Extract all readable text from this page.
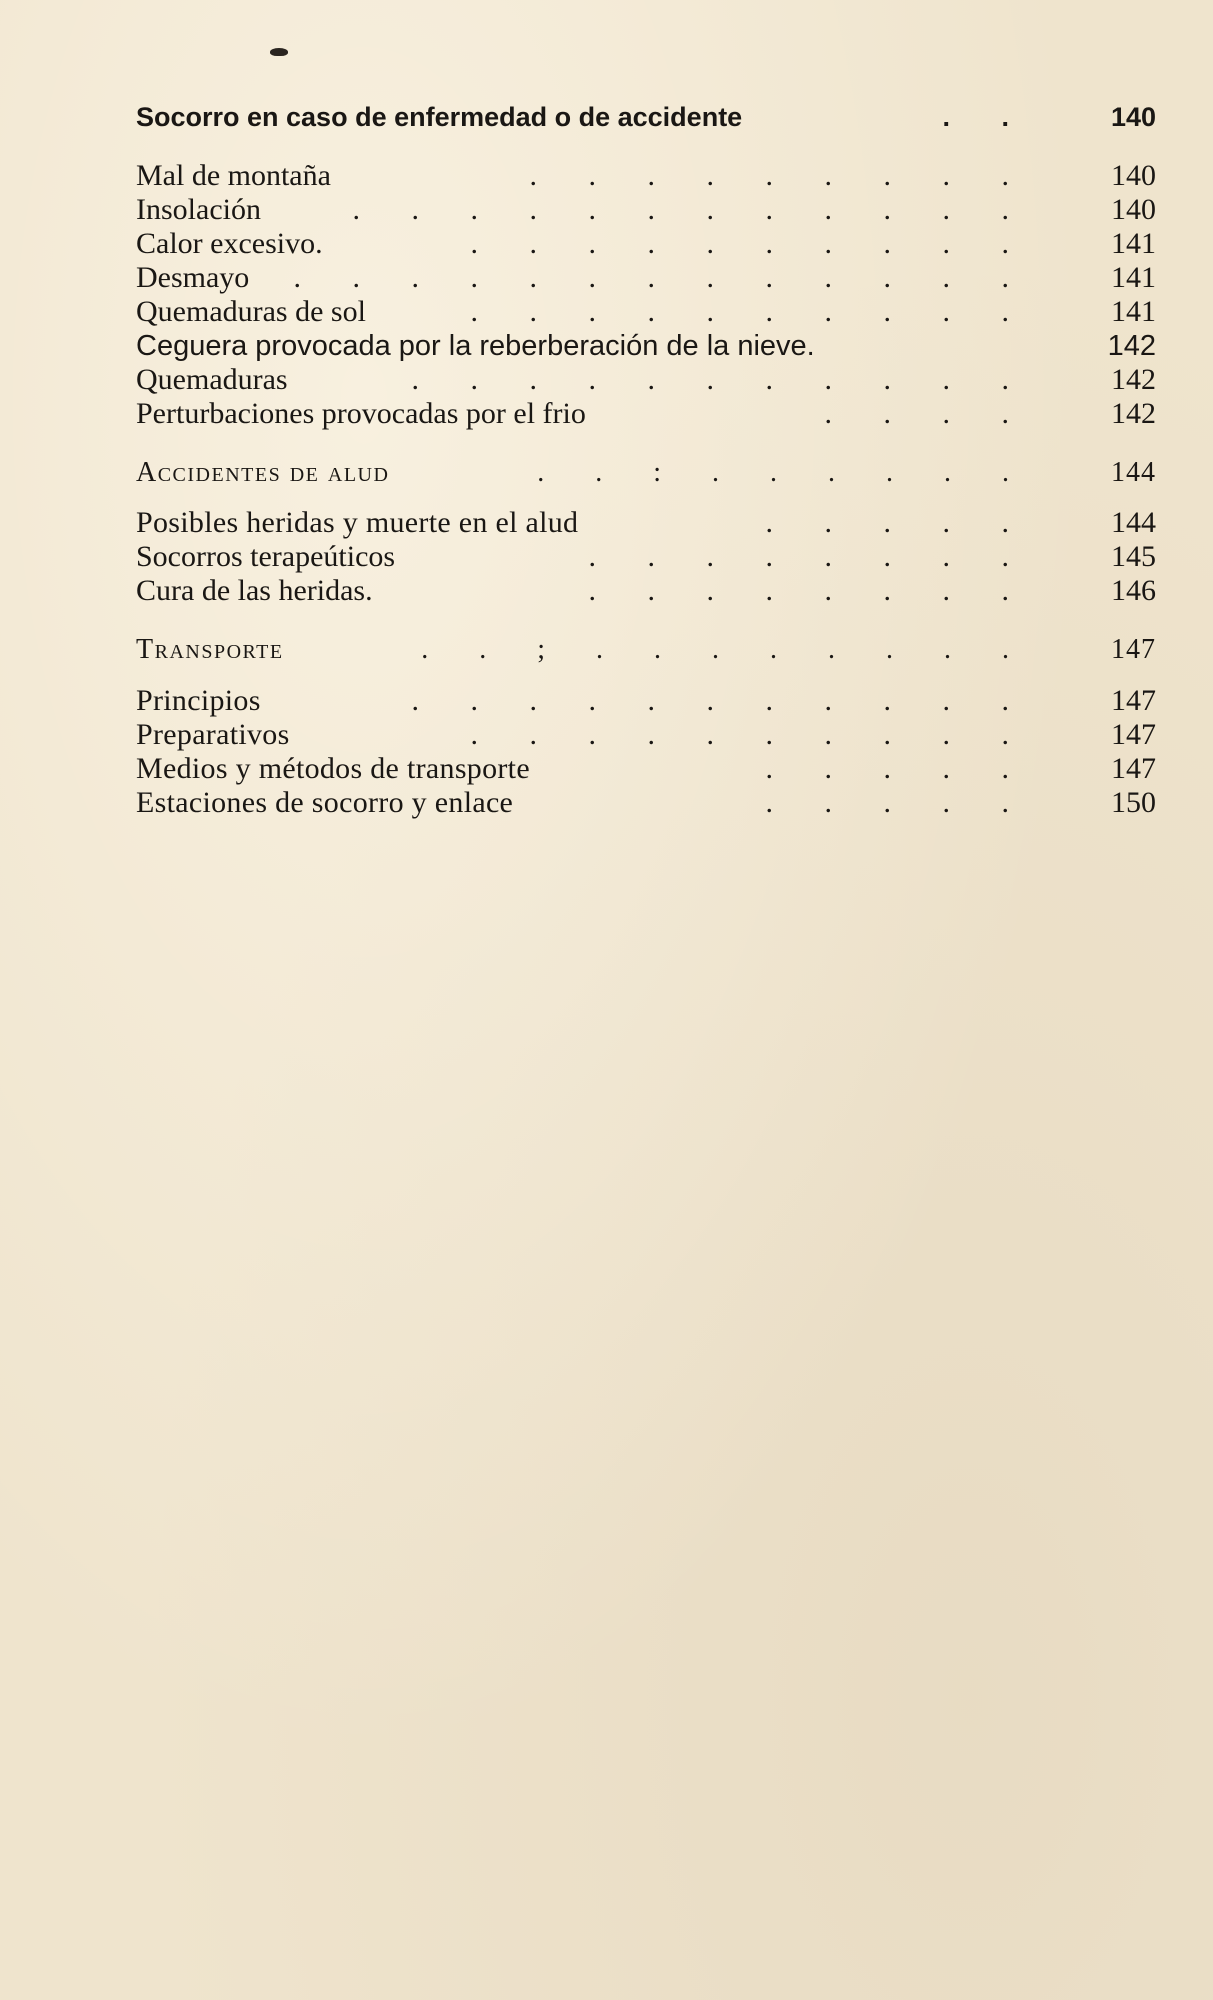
Socorro en caso de enfermedad o de accidente	. .	140
Mal de montaña	. . . . . . . . .	140
Insolación	. . . . . . . . . . . .	140
Calor excesivo.	. . . . . . . . . .	141
Desmayo . . . . . . . . . . . . .	141
Quemaduras de sol	. . . . . . . . . .	141
Ceguera provocada por la reberberación de la nieve.	142
Quemaduras	. . . . . . . . . . .	142
Perturbaciones provocadas por el frio	. . . .	142
Accidentes de alud	. . : . . . . . .	144
Posibles heridas y muerte en el alud	. . . . .	144
Socorros terapeúticos	. . . . . . . .	145
Cura de las heridas.	. . . . . . . .	146
Transporte	. . ; . . . . . . . .	147
Principios	. . . . . . . . . . .	147
Preparativos	. . . . . . . . . .	147
Medios y métodos de transporte	. . . . .	147
Estaciones de socorro y enlace	. . . . .	150
